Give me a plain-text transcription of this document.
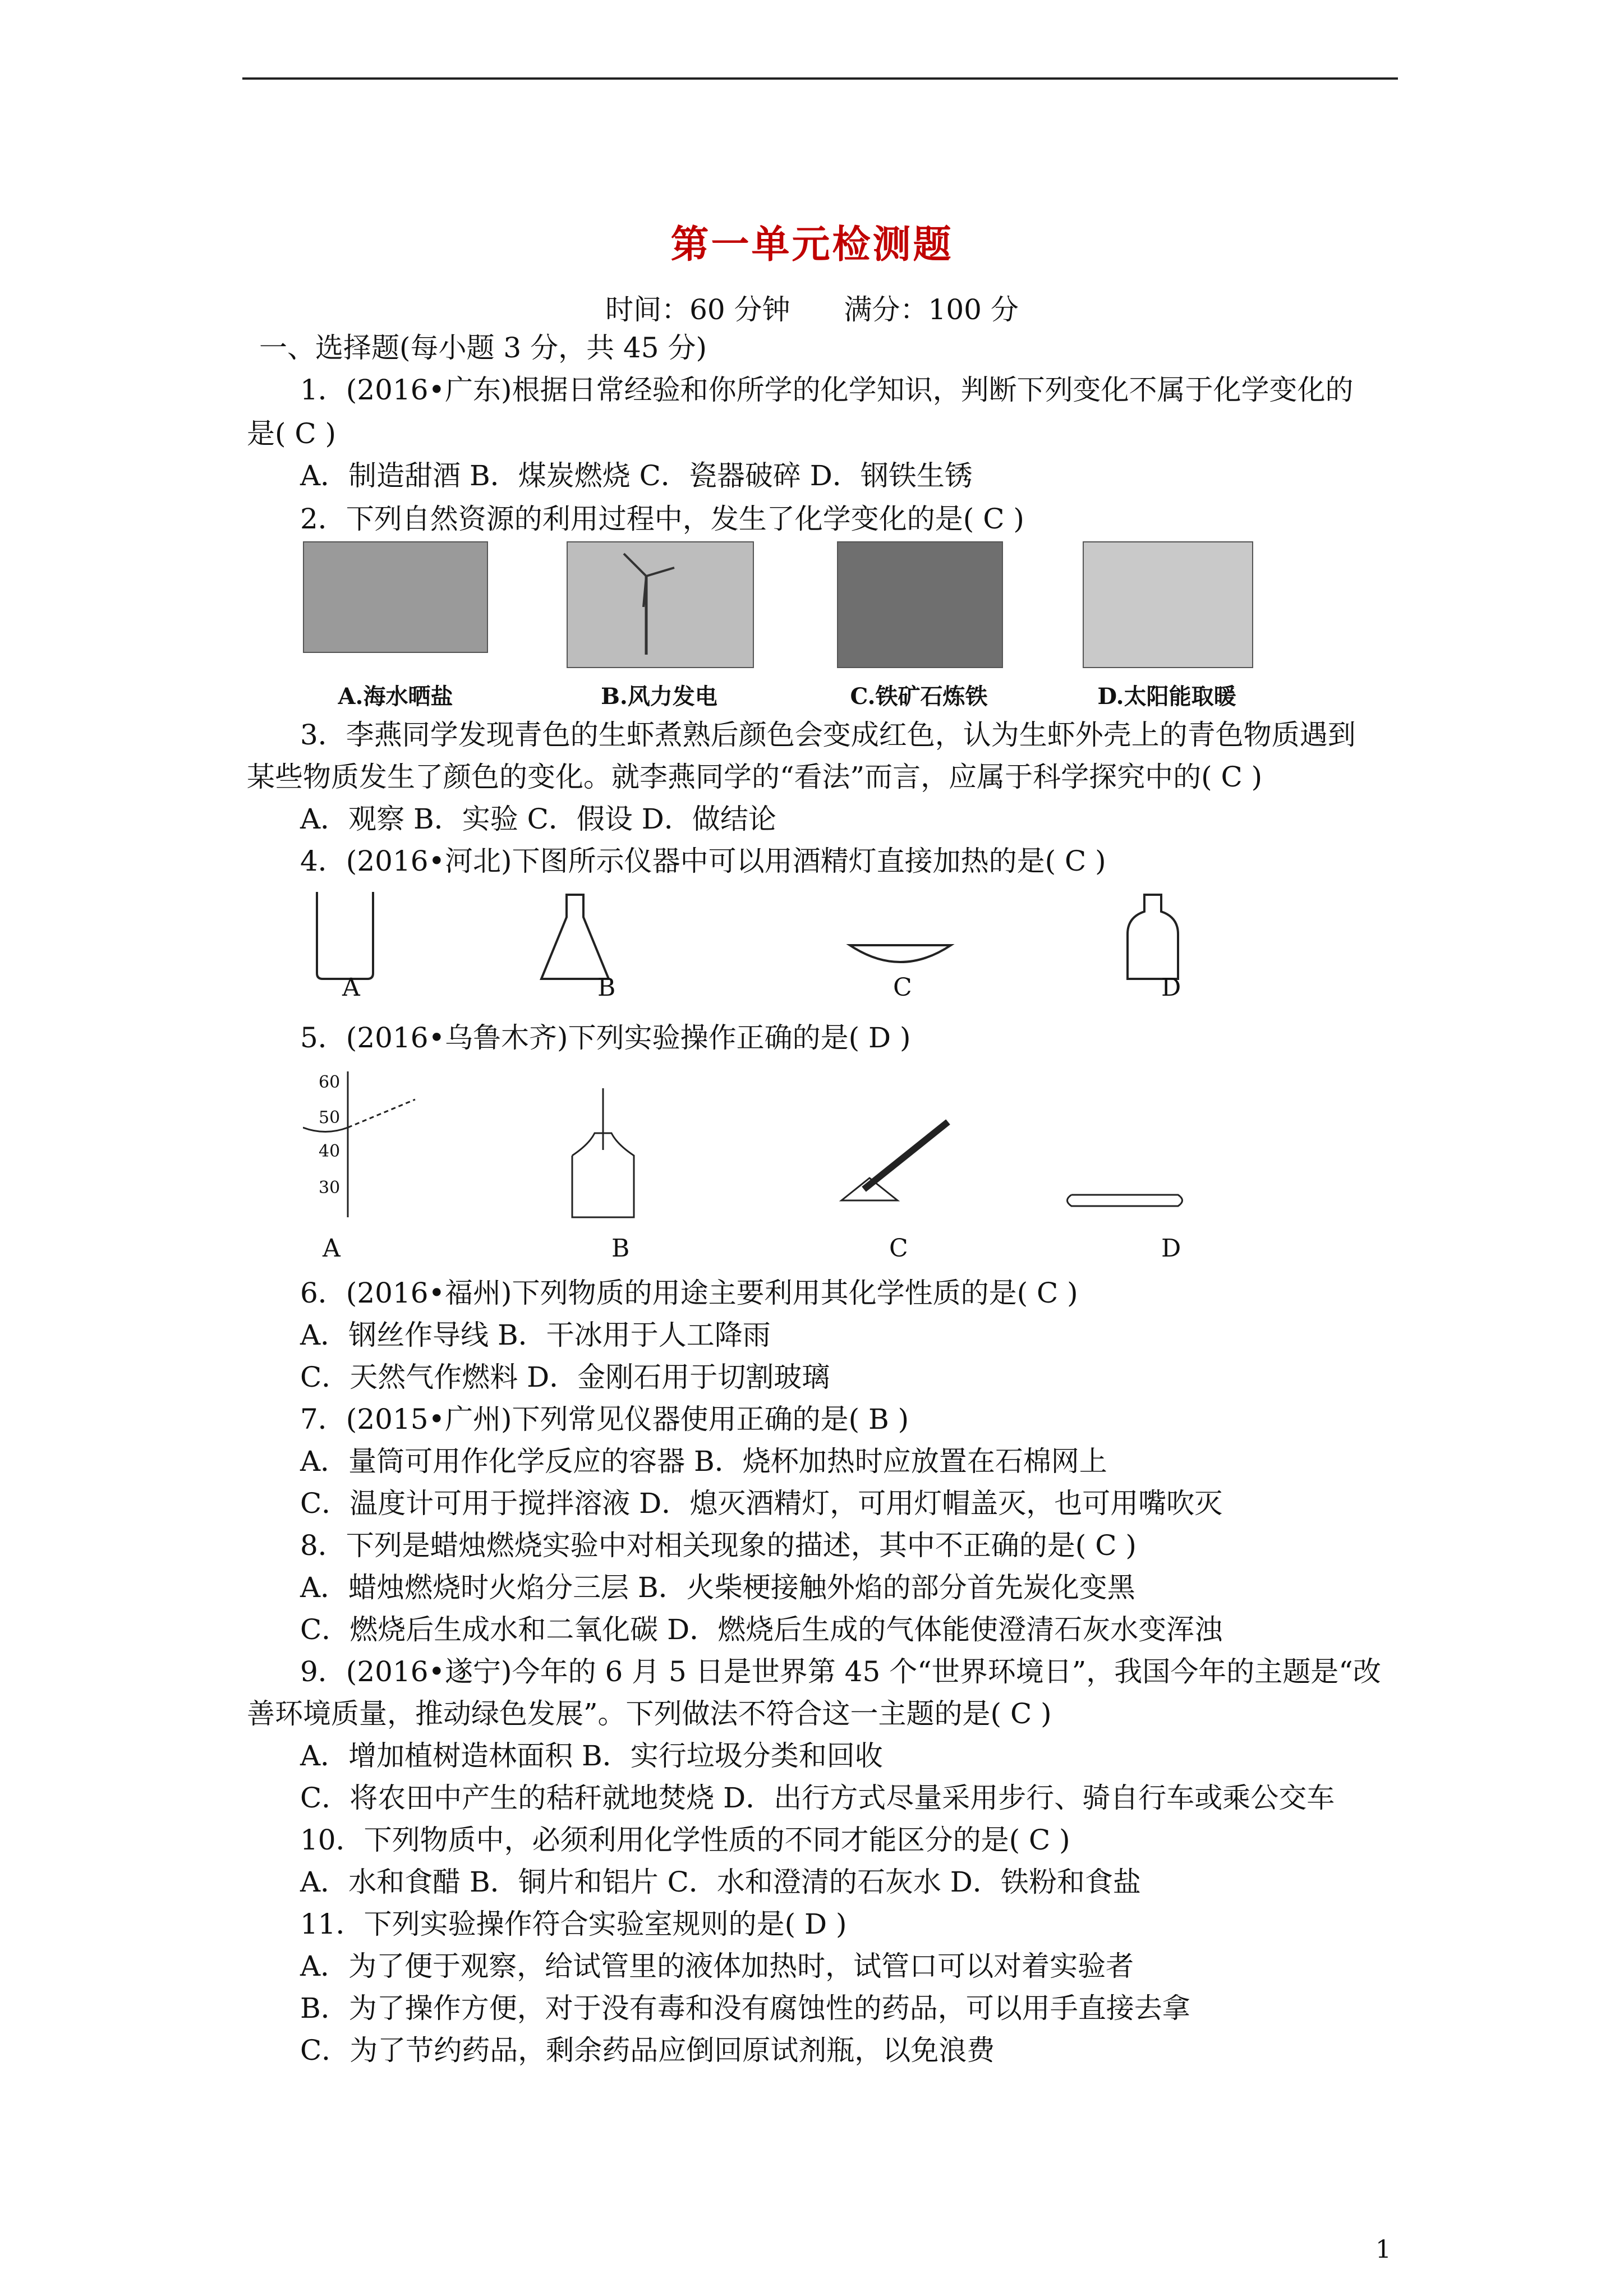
第一单元检测题
时间：60 分钟 满分：100 分
一、选择题(每小题 3 分，共 45 分)
1．(2016•广东)根据日常经验和你所学的化学知识，判断下列变化不属于化学变化的
是( C )
A．制造甜酒 B．煤炭燃烧 C．瓷器破碎 D．钢铁生锈
2．下列自然资源的利用过程中，发生了化学变化的是( C )
A.海水晒盐	B.风力发电	C.铁矿石炼铁	D.太阳能取暖
3．李燕同学发现青色的生虾煮熟后颜色会变成红色，认为生虾外壳上的青色物质遇到
某些物质发生了颜色的变化。就李燕同学的“看法”而言，应属于科学探究中的( C )
A．观察 B．实验 C．假设 D．做结论
4．(2016•河北)下图所示仪器中可以用酒精灯直接加热的是( C )
A	B	C	D
5．(2016•乌鲁木齐)下列实验操作正确的是( D )
60
50
40
30
A	B	C	D
6．(2016•福州)下列物质的用途主要利用其化学性质的是( C )
A．钢丝作导线 B．干冰用于人工降雨
C．天然气作燃料 D．金刚石用于切割玻璃
7．(2015•广州)下列常见仪器使用正确的是( B )
A．量筒可用作化学反应的容器 B．烧杯加热时应放置在石棉网上
C．温度计可用于搅拌溶液 D．熄灭酒精灯，可用灯帽盖灭，也可用嘴吹灭
8．下列是蜡烛燃烧实验中对相关现象的描述，其中不正确的是( C )
A．蜡烛燃烧时火焰分三层 B．火柴梗接触外焰的部分首先炭化变黑
C．燃烧后生成水和二氧化碳 D．燃烧后生成的气体能使澄清石灰水变浑浊
9．(2016•遂宁)今年的 6 月 5 日是世界第 45 个“世界环境日”，我国今年的主题是“改
善环境质量，推动绿色发展”。下列做法不符合这一主题的是( C )
A．增加植树造林面积 B．实行垃圾分类和回收
C．将农田中产生的秸秆就地焚烧 D．出行方式尽量采用步行、骑自行车或乘公交车
10．下列物质中，必须利用化学性质的不同才能区分的是( C )
A．水和食醋 B．铜片和铝片 C．水和澄清的石灰水 D．铁粉和食盐
11．下列实验操作符合实验室规则的是( D )
A．为了便于观察，给试管里的液体加热时，试管口可以对着实验者
B．为了操作方便，对于没有毒和没有腐蚀性的药品，可以用手直接去拿
C．为了节约药品，剩余药品应倒回原试剂瓶，以免浪费
1
